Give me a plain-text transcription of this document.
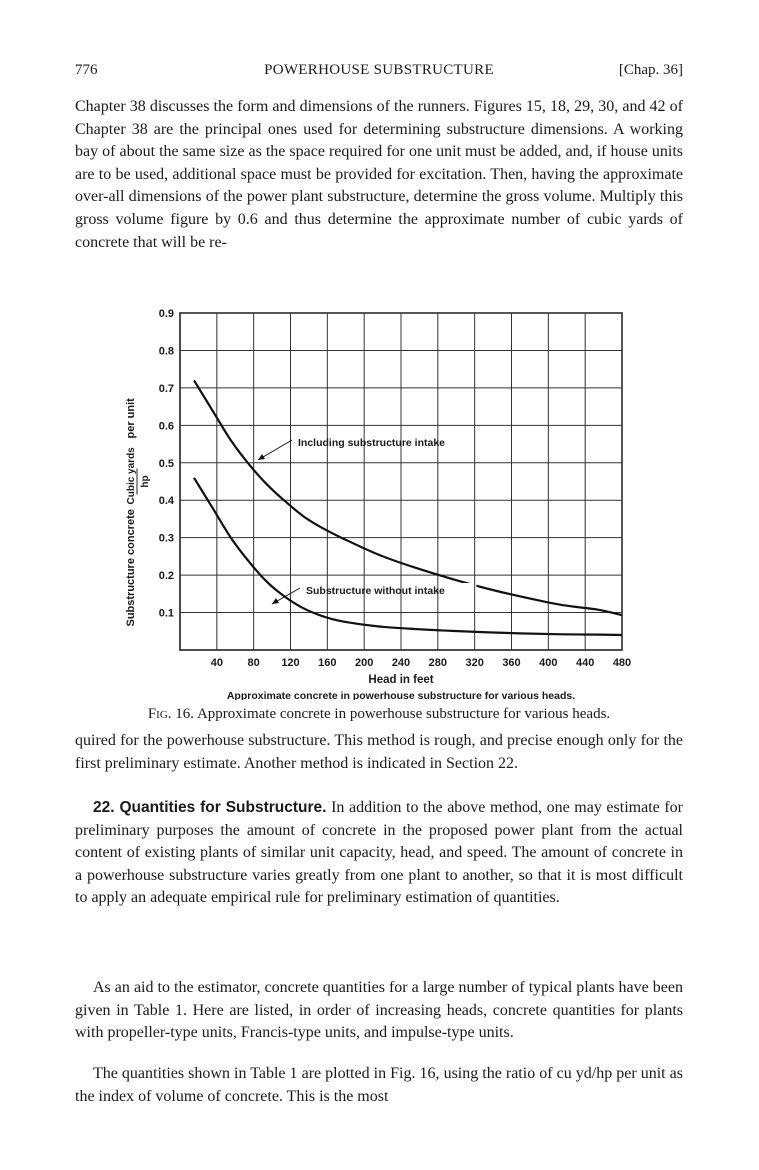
776	POWERHOUSE SUBSTRUCTURE	[Chap. 36]

Chapter 38 discusses the form and dimensions of the runners. Figures 15, 18, 29, 30, and 42 of Chapter 38 are the principal ones used for determining substructure dimensions. A working bay of about the same size as the space required for one unit must be added, and, if house units are to be used, additional space must be provided for excitation. Then, having the approximate over-all dimensions of the power plant substructure, determine the gross volume. Multiply this gross volume figure by 0.6 and thus determine the approximate number of cubic yards of concrete that will be re-

40 80 120 160 200 240 280 320 360 400 440 480
0.1
0.2
0.3
0.4
0.5
0.6
0.7
0.8
0.9
Head in feet
Approximate concrete in powerhouse substructure for various heads.
Substructure concrete
Cubic yards hp
per unit
Including substructure intake
Substructure without intake
Fig. 16. Approximate concrete in powerhouse substructure for various heads.

quired for the powerhouse substructure. This method is rough, and precise enough only for the first preliminary estimate. Another method is indicated in Section 22.

22. Quantities for Substructure. In addition to the above method, one may estimate for preliminary purposes the amount of concrete in the proposed power plant from the actual content of existing plants of similar unit capacity, head, and speed. The amount of concrete in a powerhouse substructure varies greatly from one plant to another, so that it is most difficult to apply an adequate empirical rule for preliminary estimation of quantities.

As an aid to the estimator, concrete quantities for a large number of typical plants have been given in Table 1. Here are listed, in order of increasing heads, concrete quantities for plants with propeller-type units, Francis-type units, and impulse-type units.

The quantities shown in Table 1 are plotted in Fig. 16, using the ratio of cu yd/hp per unit as the index of volume of concrete. This is the most
